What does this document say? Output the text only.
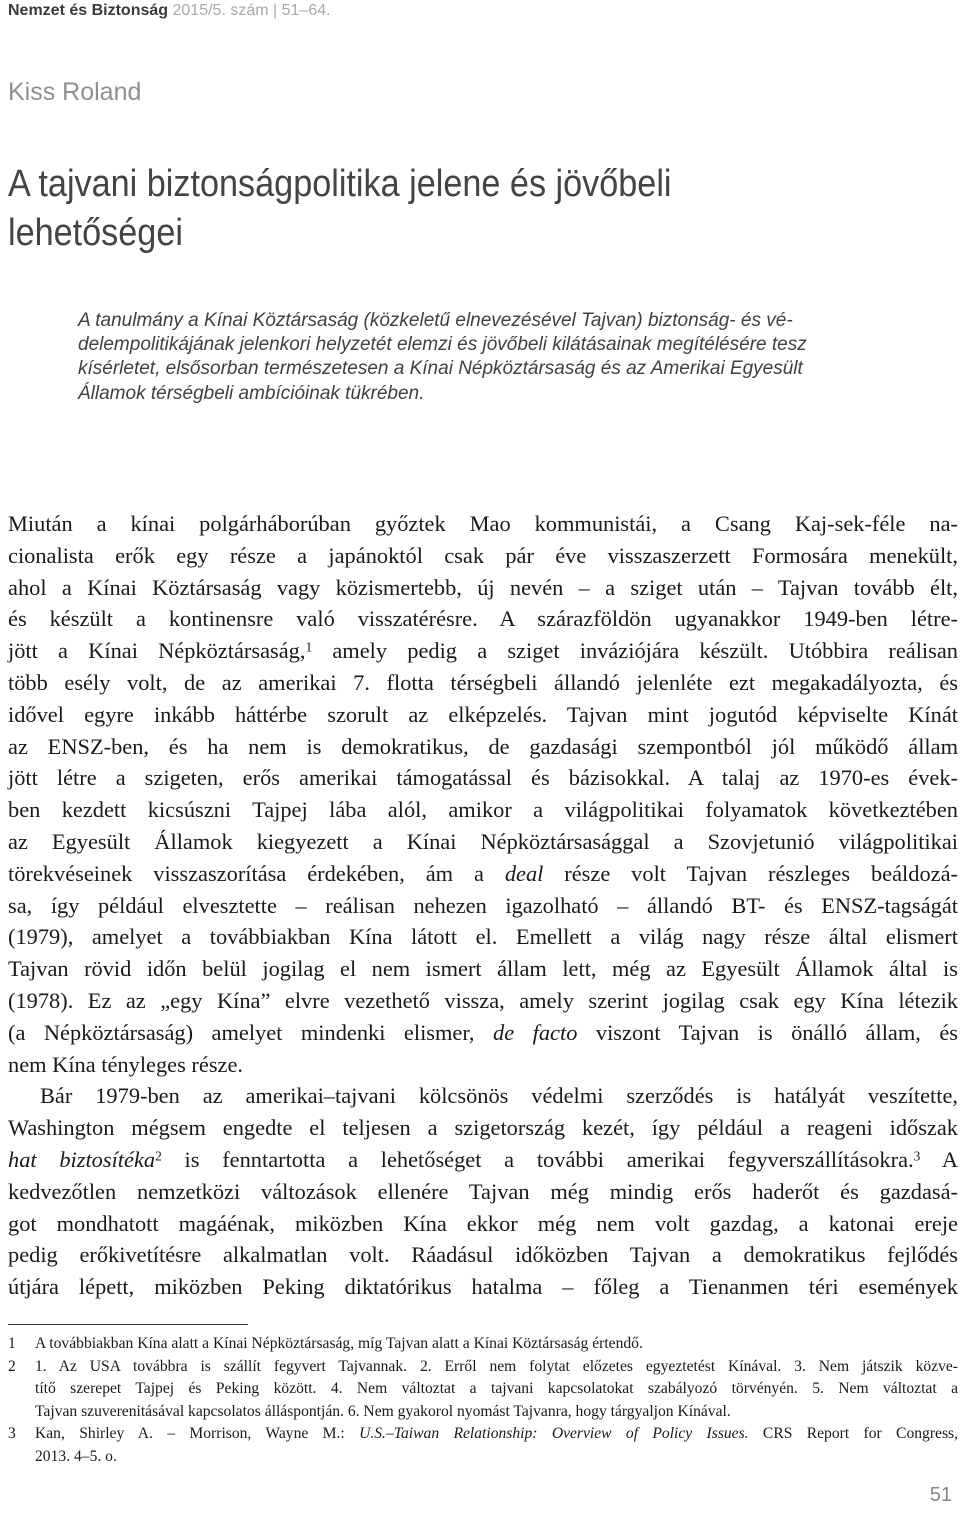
Nemzet és Biztonság 2015/5. szám | 51–64.
Kiss Roland
A tajvani biztonságpolitika jelene és jövőbeli
lehetőségei
A tanulmány a Kínai Köztársaság (közkeletű elnevezésével Tajvan) biztonság- és vé-
delempolitikájának jelenkori helyzetét elemzi és jövőbeli kilátásainak megítélésére tesz
kísérletet, elsősorban természetesen a Kínai Népköztársaság és az Amerikai Egyesült
Államok térségbeli ambícióinak tükrében.
Miután a kínai polgárháborúban győztek Mao kommunistái, a Csang Kaj-sek-féle na-
cionalista erők egy része a japánoktól csak pár éve visszaszerzett Formosára menekült,
ahol a Kínai Köztársaság vagy közismertebb, új nevén – a sziget után – Tajvan tovább élt,
és készült a kontinensre való visszatérésre. A szárazföldön ugyanakkor 1949-ben létre-
jött a Kínai Népköztársaság,$^1$ amely pedig a sziget inváziójára készült. Utóbbira reálisan
több esély volt, de az amerikai 7. flotta térségbeli állandó jelenléte ezt megakadályozta, és
idővel egyre inkább háttérbe szorult az elképzelés. Tajvan mint jogutód képviselte Kínát
az ENSZ-ben, és ha nem is demokratikus, de gazdasági szempontból jól működő állam
jött létre a szigeten, erős amerikai támogatással és bázisokkal. A talaj az 1970-es évek-
ben kezdett kicsúszni Tajpej lába alól, amikor a világpolitikai folyamatok következtében
az Egyesült Államok kiegyezett a Kínai Népköztársasággal a Szovjetunió világpolitikai
törekvéseinek visszaszorítása érdekében, ám a deal része volt Tajvan részleges beáldozá-
sa, így például elvesztette – reálisan nehezen igazolható – állandó BT- és ENSZ-tagságát
(1979), amelyet a továbbiakban Kína látott el. Emellett a világ nagy része által elismert
Tajvan rövid időn belül jogilag el nem ismert állam lett, még az Egyesült Államok által is
(1978). Ez az „egy Kína” elvre vezethető vissza, amely szerint jogilag csak egy Kína létezik
(a Népköztársaság) amelyet mindenki elismer, de facto viszont Tajvan is önálló állam, és
nem Kína tényleges része.
Bár 1979-ben az amerikai–tajvani kölcsönös védelmi szerződés is hatályát veszítette,
Washington mégsem engedte el teljesen a szigetország kezét, így például a reageni időszak
hat biztosítéka$^2$ is fenntartotta a lehetőséget a további amerikai fegyverszállításokra.$^3$ A
kedvezőtlen nemzetközi változások ellenére Tajvan még mindig erős haderőt és gazdasá-
got mondhatott magáénak, miközben Kína ekkor még nem volt gazdag, a katonai ereje
pedig erőkivetítésre alkalmatlan volt. Ráadásul időközben Tajvan a demokratikus fejlődés
útjára lépett, miközben Peking diktatórikus hatalma – főleg a Tienanmen téri események
1 A továbbiakban Kína alatt a Kínai Népköztársaság, míg Tajvan alatt a Kínai Köztársaság értendő.
2 1. Az USA továbbra is szállít fegyvert Tajvannak. 2. Erről nem folytat előzetes egyeztetést Kínával. 3. Nem játszik közve-
títő szerepet Tajpej és Peking között. 4. Nem változtat a tajvani kapcsolatokat szabályozó törvényén. 5. Nem változtat a
Tajvan szuverenitásával kapcsolatos álláspontján. 6. Nem gyakorol nyomást Tajvanra, hogy tárgyaljon Kínával.
3 Kan, Shirley A. – Morrison, Wayne M.: U.S.–Taiwan Relationship: Overview of Policy Issues. CRS Report for Congress,
2013. 4–5. o.
51
